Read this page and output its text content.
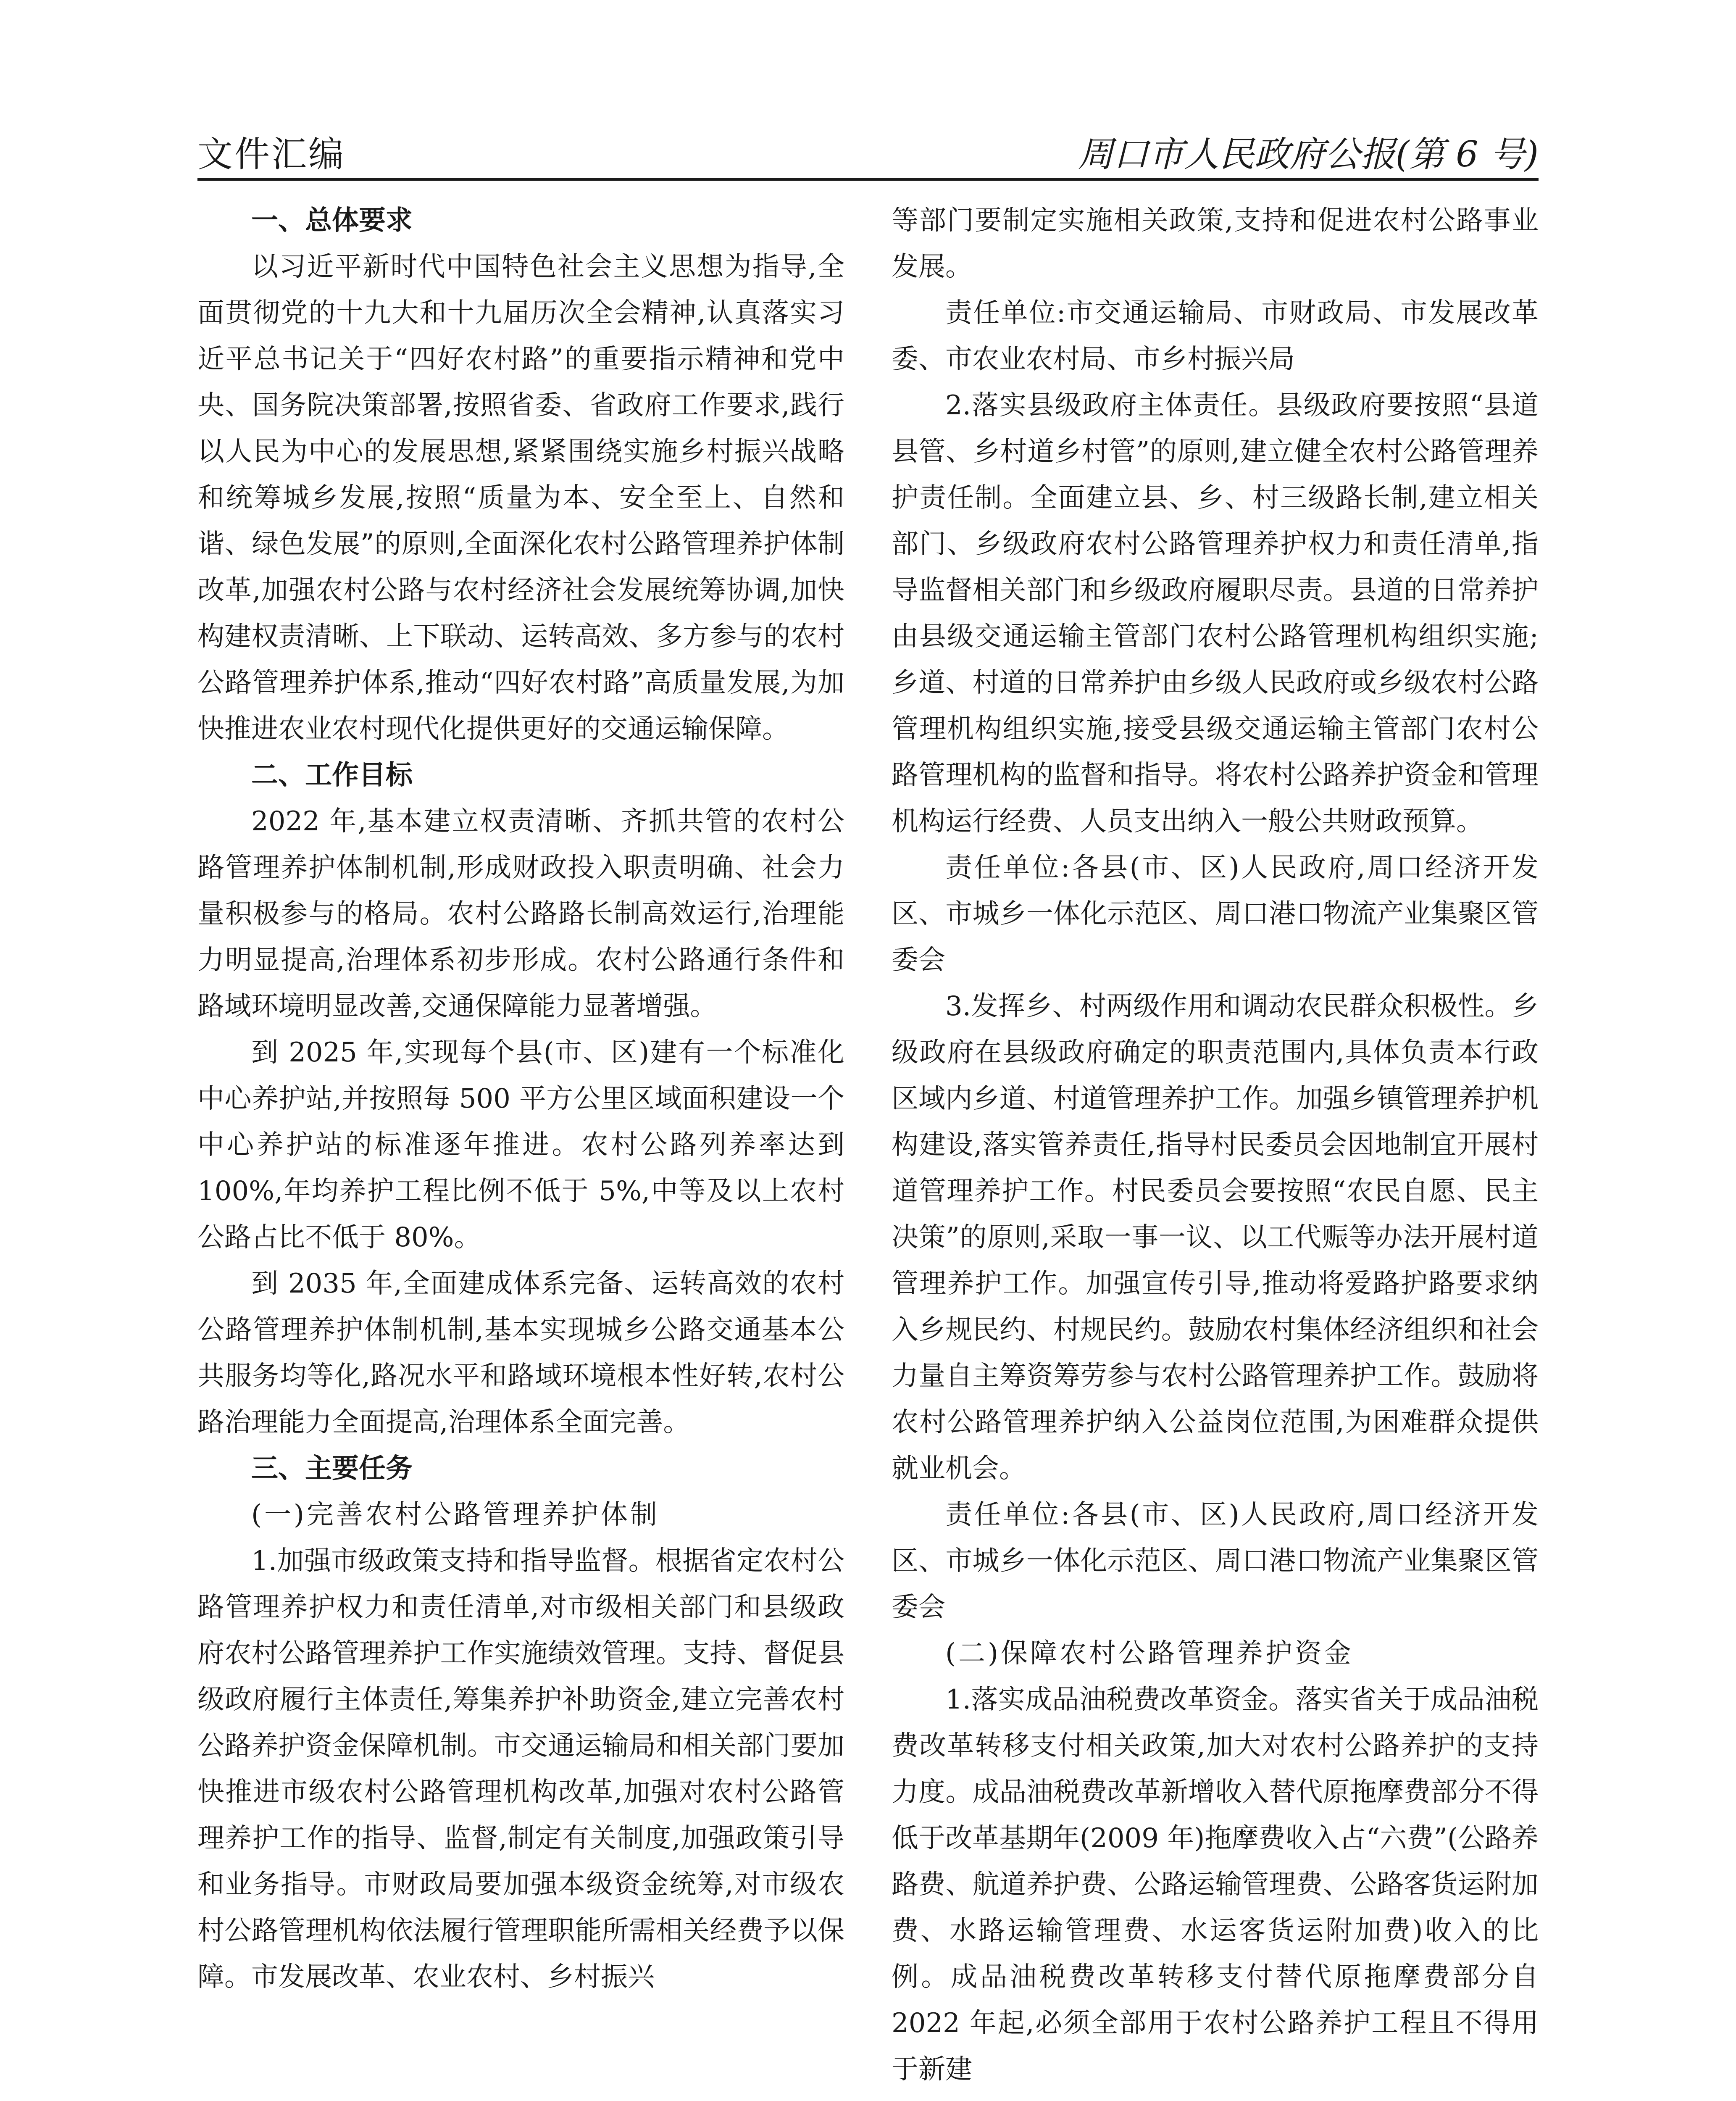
文件汇编	周口市人民政府公报(第 6 号)

一、总体要求

以习近平新时代中国特色社会主义思想为指导,全面贯彻党的十九大和十九届历次全会精神,认真落实习近平总书记关于“四好农村路”的重要指示精神和党中央、国务院决策部署,按照省委、省政府工作要求,践行以人民为中心的发展思想,紧紧围绕实施乡村振兴战略和统筹城乡发展,按照“质量为本、安全至上、自然和谐、绿色发展”的原则,全面深化农村公路管理养护体制改革,加强农村公路与农村经济社会发展统筹协调,加快构建权责清晰、上下联动、运转高效、多方参与的农村公路管理养护体系,推动“四好农村路”高质量发展,为加快推进农业农村现代化提供更好的交通运输保障。

二、工作目标

2022 年,基本建立权责清晰、齐抓共管的农村公路管理养护体制机制,形成财政投入职责明确、社会力量积极参与的格局。农村公路路长制高效运行,治理能力明显提高,治理体系初步形成。农村公路通行条件和路域环境明显改善,交通保障能力显著增强。

到 2025 年,实现每个县(市、区)建有一个标准化中心养护站,并按照每 500 平方公里区域面积建设一个中心养护站的标准逐年推进。农村公路列养率达到 100%,年均养护工程比例不低于 5%,中等及以上农村公路占比不低于 80%。

到 2035 年,全面建成体系完备、运转高效的农村公路管理养护体制机制,基本实现城乡公路交通基本公共服务均等化,路况水平和路域环境根本性好转,农村公路治理能力全面提高,治理体系全面完善。

三、主要任务

(一)完善农村公路管理养护体制

1.加强市级政策支持和指导监督。根据省定农村公路管理养护权力和责任清单,对市级相关部门和县级政府农村公路管理养护工作实施绩效管理。支持、督促县级政府履行主体责任,筹集养护补助资金,建立完善农村公路养护资金保障机制。市交通运输局和相关部门要加快推进市级农村公路管理机构改革,加强对农村公路管理养护工作的指导、监督,制定有关制度,加强政策引导和业务指导。市财政局要加强本级资金统筹,对市级农村公路管理机构依法履行管理职能所需相关经费予以保障。市发展改革、农业农村、乡村振兴

等部门要制定实施相关政策,支持和促进农村公路事业发展。

责任单位:市交通运输局、市财政局、市发展改革委、市农业农村局、市乡村振兴局

2.落实县级政府主体责任。县级政府要按照“县道县管、乡村道乡村管”的原则,建立健全农村公路管理养护责任制。全面建立县、乡、村三级路长制,建立相关部门、乡级政府农村公路管理养护权力和责任清单,指导监督相关部门和乡级政府履职尽责。县道的日常养护由县级交通运输主管部门农村公路管理机构组织实施;乡道、村道的日常养护由乡级人民政府或乡级农村公路管理机构组织实施,接受县级交通运输主管部门农村公路管理机构的监督和指导。将农村公路养护资金和管理机构运行经费、人员支出纳入一般公共财政预算。

责任单位:各县(市、区)人民政府,周口经济开发区、市城乡一体化示范区、周口港口物流产业集聚区管委会

3.发挥乡、村两级作用和调动农民群众积极性。乡级政府在县级政府确定的职责范围内,具体负责本行政区域内乡道、村道管理养护工作。加强乡镇管理养护机构建设,落实管养责任,指导村民委员会因地制宜开展村道管理养护工作。村民委员会要按照“农民自愿、民主决策”的原则,采取一事一议、以工代赈等办法开展村道管理养护工作。加强宣传引导,推动将爱路护路要求纳入乡规民约、村规民约。鼓励农村集体经济组织和社会力量自主筹资筹劳参与农村公路管理养护工作。鼓励将农村公路管理养护纳入公益岗位范围,为困难群众提供就业机会。

责任单位:各县(市、区)人民政府,周口经济开发区、市城乡一体化示范区、周口港口物流产业集聚区管委会

(二)保障农村公路管理养护资金

1.落实成品油税费改革资金。落实省关于成品油税费改革转移支付相关政策,加大对农村公路养护的支持力度。成品油税费改革新增收入替代原拖摩费部分不得低于改革基期年(2009 年)拖摩费收入占“六费”(公路养路费、航道养护费、公路运输管理费、公路客货运附加费、水路运输管理费、水运客货运附加费)收入的比例。成品油税费改革转移支付替代原拖摩费部分自 2022 年起,必须全部用于农村公路养护工程且不得用于新建
